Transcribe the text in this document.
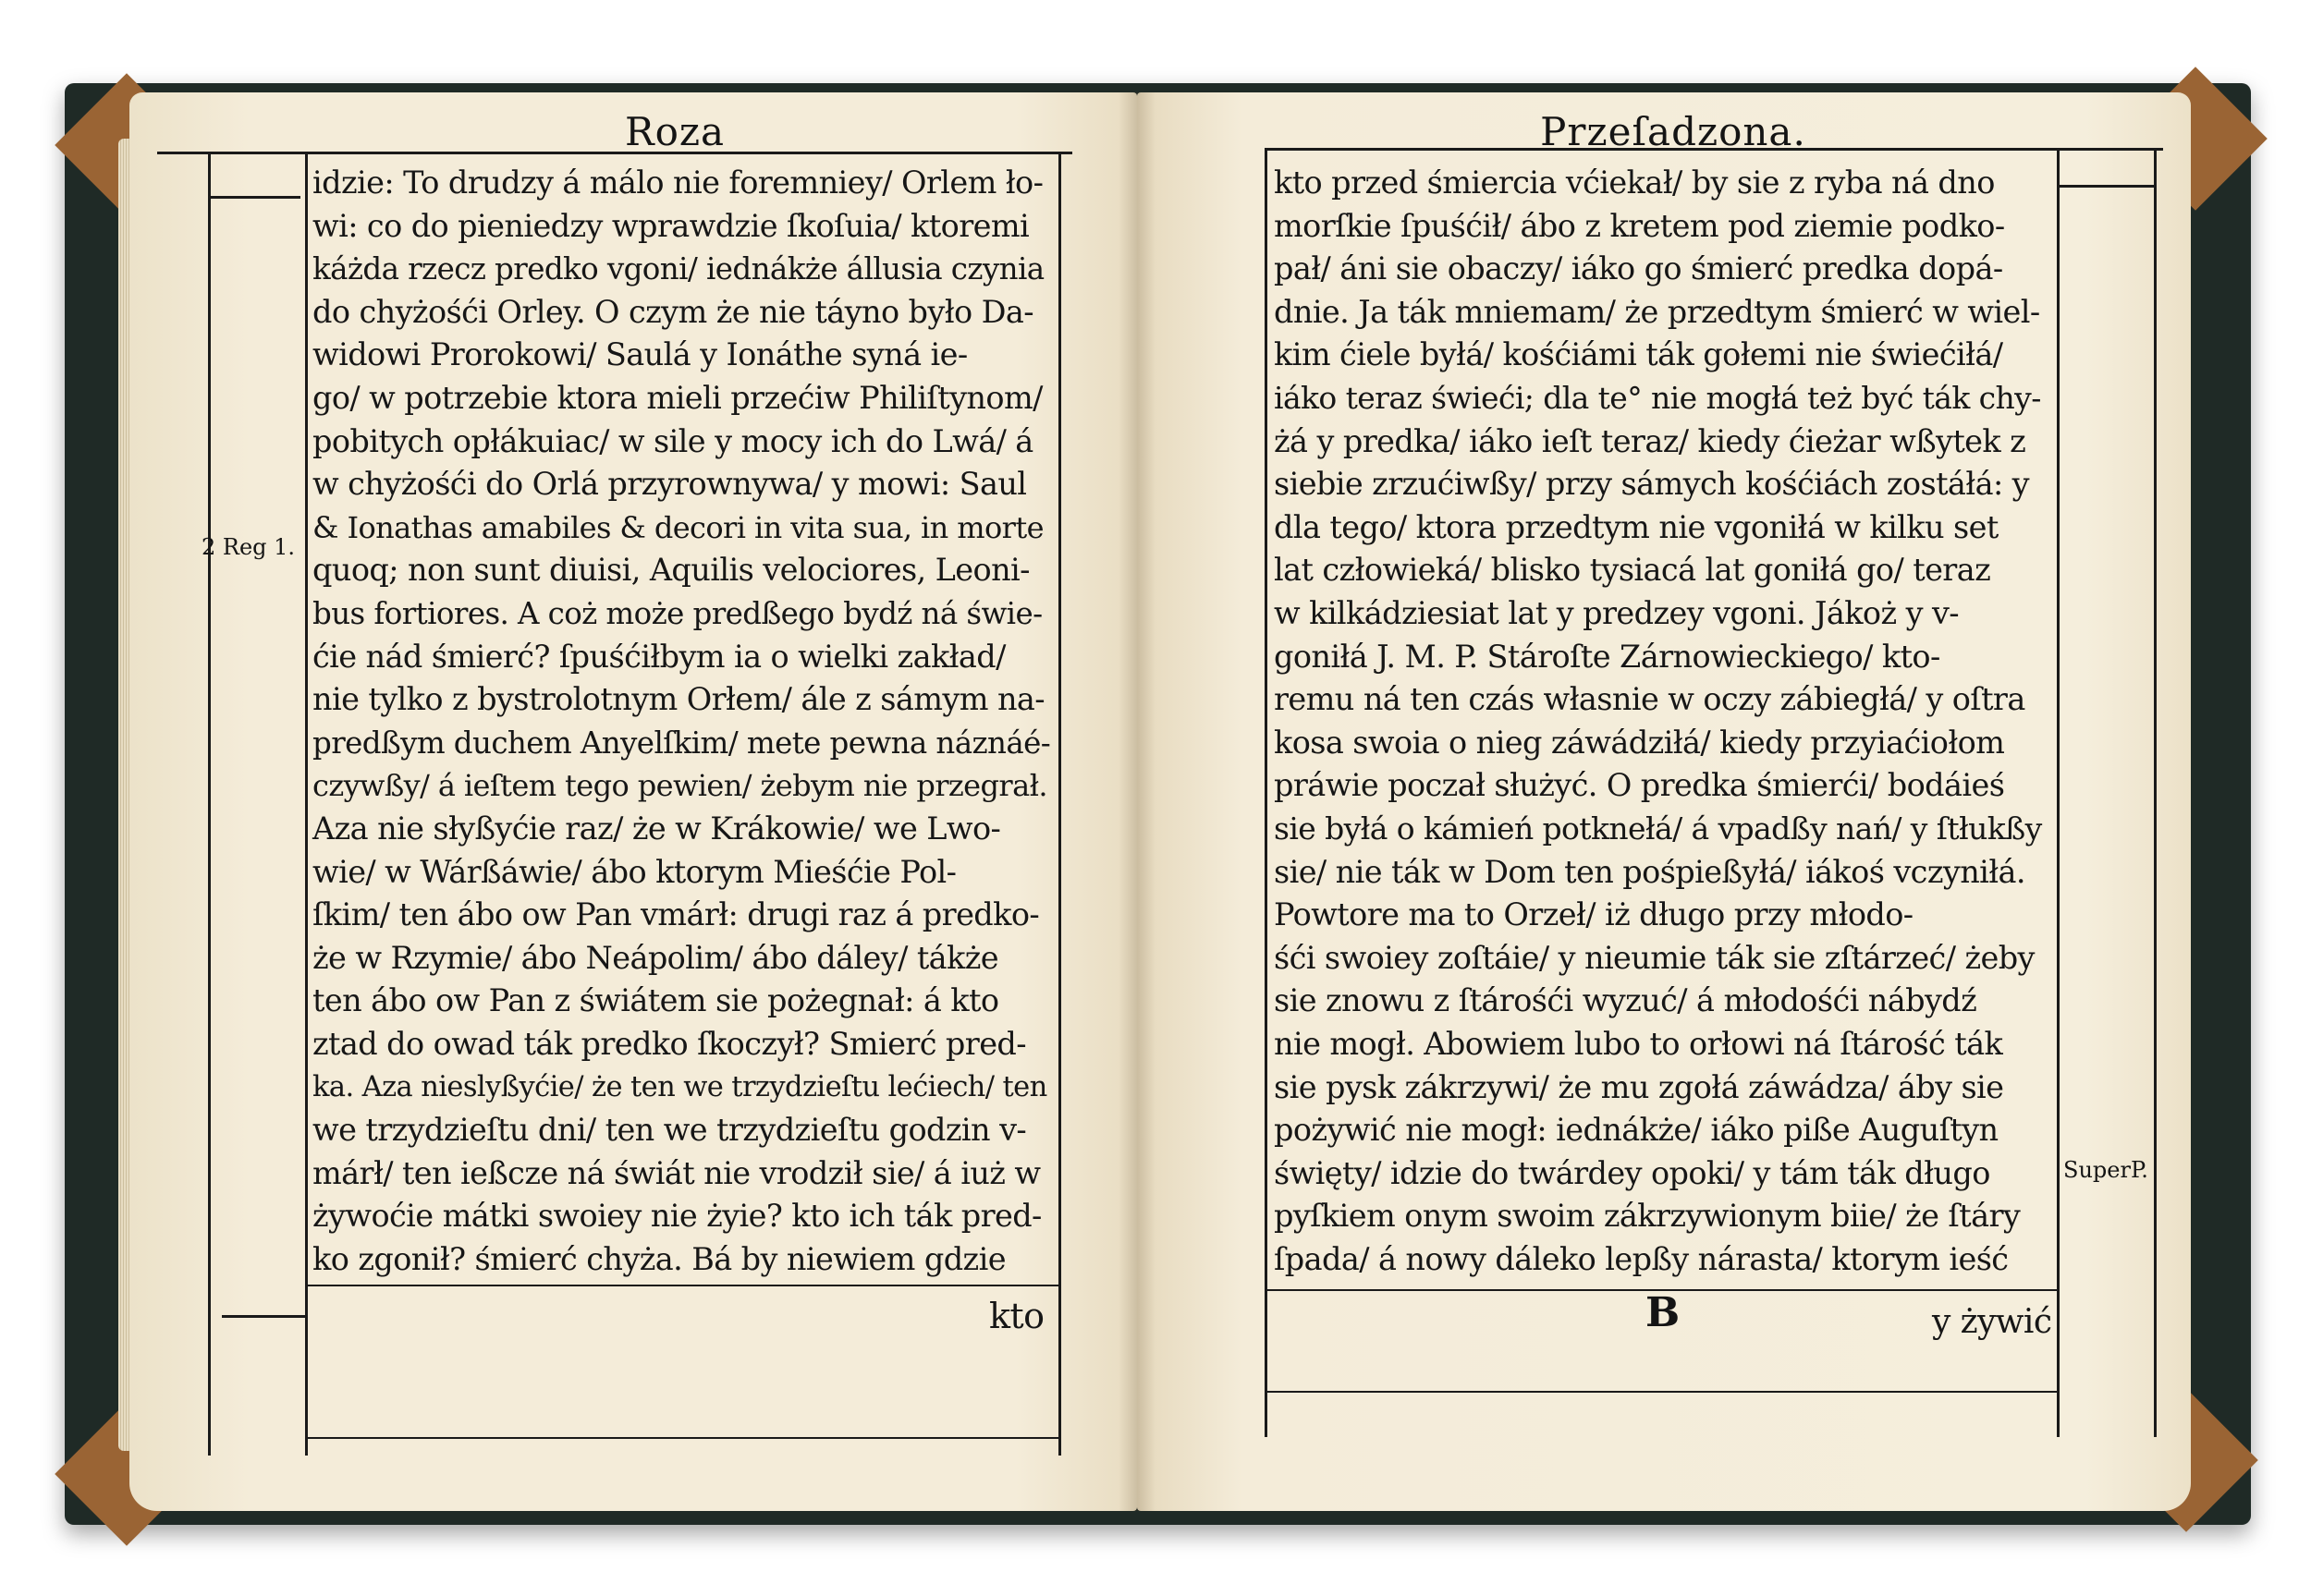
Roza
2 Reg 1.
idzie: To drudzy á málo nie foremniey/ Orlem ło-
wi: co do pieniedzy wprawdzie ſkoſuia/ ktoremi
káżda rzecz predko vgoni/ iednákże állusia czynia
do chyżośći Orley. O czym że nie táyno było Da-
widowi Prorokowi/ Saulá y Ionáthe syná ie-
go/ w potrzebie ktora mieli przećiw Philiſtynom/
pobitych opłákuiac/ w sile y mocy ich do Lwá/ á
w chyżośći do Orlá przyrownywa/ y mowi: Saul
& Ionathas amabiles & decori in vita sua, in morte
quoq; non sunt diuisi, Aquilis velociores, Leoni-
bus fortiores. A coż może predßego bydź ná świe-
ćie nád śmierć? ſpuśćiłbym ia o wielki zakład/
nie tylko z bystrolotnym Orłem/ ále z sámym na-
predßym duchem Anyelſkim/ mete pewna náznáé-
czywßy/ á ieſtem tego pewien/ żebym nie przegrał.
Aza nie słyßyćie raz/ że w Krákowie/ we Lwo-
wie/ w Wárßáwie/ ábo ktorym Mieśćie Pol-
ſkim/ ten ábo ow Pan vmárł: drugi raz á predko-
że w Rzymie/ ábo Neápolim/ ábo dáley/ tákże
ten ábo ow Pan z świátem sie pożegnał: á kto
ztad do owad ták predko ſkoczył? Smierć pred-
ka. Aza nieslyßyćie/ że ten we trzydzieſtu lećiech/ ten
we trzydzieſtu dni/ ten we trzydzieſtu godzin v-
márł/ ten ießcze ná świát nie vrodził sie/ á iuż w
żywoćie mátki swoiey nie żyie? kto ich ták pred-
ko zgonił? śmierć chyża. Bá by niewiem gdzie
kto
Przeſadzona.
SuperP.
kto przed śmiercia vćiekał/ by sie z ryba ná dno
morſkie ſpuśćił/ ábo z kretem pod ziemie podko-
pał/ áni sie obaczy/ iáko go śmierć predka dopá-
dnie. Ja ták mniemam/ że przedtym śmierć w wiel-
kim ćiele byłá/ kośćiámi ták gołemi nie świećiłá/
iáko teraz świeći; dla te° nie mogłá też być ták chy-
żá y predka/ iáko ieſt teraz/ kiedy ćieżar wßytek z
siebie zrzućiwßy/ przy sámych kośćiách zostáłá: y
dla tego/ ktora przedtym nie vgoniłá w kilku set
lat człowieká/ blisko tysiacá lat goniłá go/ teraz
w kilkádziesiat lat y predzey vgoni. Jákoż y v-
goniłá J. M. P. Stároſte Zárnowieckiego/ kto-
remu ná ten czás własnie w oczy zábiegłá/ y oſtra
kosa swoia o nieg záwádziłá/ kiedy przyiaćiołom
práwie poczał służyć. O predka śmierći/ bodáieś
sie byłá o kámień potknełá/ á vpadßy nań/ y ſtłukßy
sie/ nie ták w Dom ten pośpießyłá/ iákoś vczyniłá.
Powtore ma to Orzeł/ iż długo przy młodo-
śći swoiey zoſtáie/ y nieumie ták sie zſtárzeć/ żeby
sie znowu z ſtárośći wyzuć/ á młodośći nábydź
nie mogł. Abowiem lubo to orłowi ná ſtárość ták
sie pysk zákrzywi/ że mu zgołá záwádza/ áby sie
pożywić nie mogł: iednákże/ iáko piße Auguſtyn
święty/ idzie do twárdey opoki/ y tám ták długo
pyſkiem onym swoim zákrzywionym biie/ że ſtáry
ſpada/ á nowy dáleko lepßy nárasta/ ktorym ieść
B	y żywić
